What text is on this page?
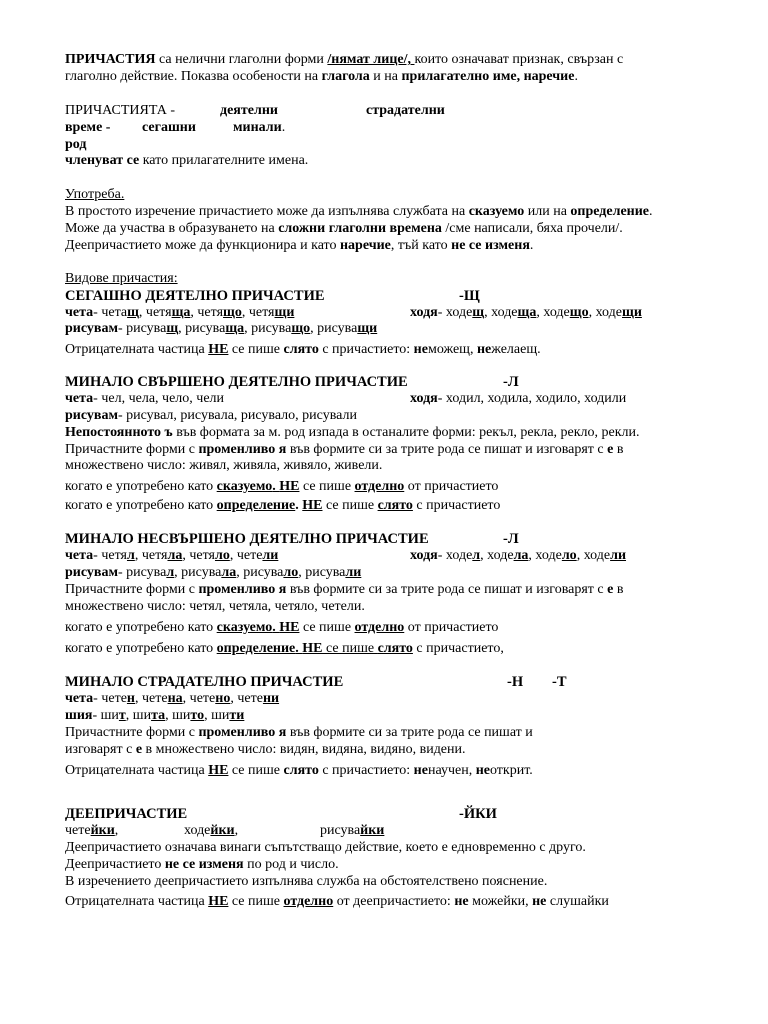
ПРИЧАСТИЯ са нелични глаголни форми /нямат лице/, които означават признак, свързан с
глаголно действие. Показва особености на глагола и на прилагателно име, наречие.
ПРИЧАСТИЯТА -	деятелни	страдателни
време - сегашни	минали.
род
членуват се като прилагателните имена.
Употреба.
В простото изречение причастието може да изпълнява службата на сказуемо или на определение.
Може да участва в образуването на сложни глаголни времена /сме написали, бяха прочели/.
Деепричастието може да функционира и като наречие, тъй като не се изменя.
Видове причастия:
СЕГАШНО ДЕЯТЕЛНО ПРИЧАСТИЕ	-Щ
чета- четащ, четяща, четящо, четящи	ходя- ходещ, ходеща, ходещо, ходещи
рисувам- рисуващ, рисуваща, рисуващо, рисуващи
Отрицателната частица НЕ се пише слято с причастието: неможещ, нежелаещ.
МИНАЛО СВЪРШЕНО ДЕЯТЕЛНО ПРИЧАСТИЕ	-Л
чета- чел, чела, чело, чели	ходя- ходил, ходила, ходило, ходили
рисувам- рисувал, рисувала, рисувало, рисували
Непостоянното ъ във формата за м. род изпада в останалите форми: рекъл, рекла, рекло, рекли.
Причастните форми с променливо я във формите си за трите рода се пишат и изговарят с е в
множествено число: живял, живяла, живяло, живели.
когато е употребено като сказуемо. НЕ се пише отделно от причастието
когато е употребено като определение. НЕ се пише слято с причастието
МИНАЛО НЕСВЪРШЕНО ДЕЯТЕЛНО ПРИЧАСТИЕ	-Л
чета- четял, четяла, четяло, четели	ходя- ходел, ходела, ходело, ходели
рисувам- рисувал, рисувала, рисувало, рисували
Причастните форми с променливо я във формите си за трите рода се пишат и изговарят с е в
множествено число: четял, четяла, четяло, четели.
когато е употребено като сказуемо. НЕ се пише отделно от причастието
когато е употребено като определение. НЕ се пише слято с причастието,
МИНАЛО СТРАДАТЕЛНО ПРИЧАСТИЕ	-Н -Т
чета- четен, четена, четено, четени
шия- шит, шита, шито, шити
Причастните форми с променливо я във формите си за трите рода се пишат и
изговарят с е в множествено число: видян, видяна, видяно, видени.
Отрицателната частица НЕ се пише слято с причастието: ненаучен, неоткрит.
ДЕЕПРИЧАСТИЕ	-ЙКИ
четейки,	ходейки,	рисувайки
Деепричастието означава винаги съпътстващо действие, което е едновременно с друго.
Деепричастието не се изменя по род и число.
В изречението деепричастието изпълнява служба на обстоятелствено пояснение.
Отрицателната частица НЕ се пише отделно от деепричастието: не можейки, не слушайки
